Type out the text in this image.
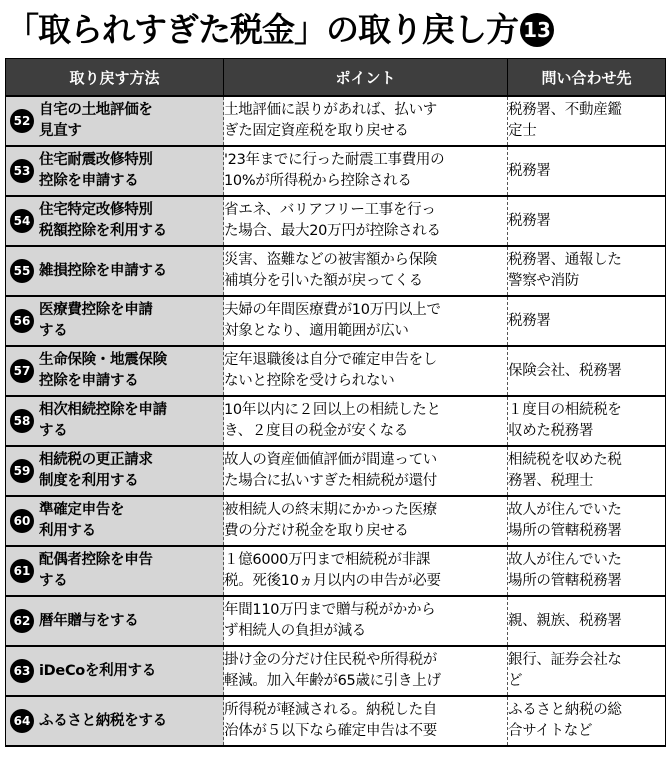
「取られすぎた税金」の取り戻し方 13
取り戻す方法	ポイント	問い合わせ先

52
自宅の土地評価を
見直す	土地評価に誤りがあれば、払いす
ぎた固定資産税を取り戻せる	税務署、不動産鑑
定士

53
住宅耐震改修特別
控除を申請する	'23年までに行った耐震工事費用の
10%が所得税から控除される	税務署

54
住宅特定改修特別
税額控除を利用する	省エネ、バリアフリー工事を行っ
た場合、最大20万円が控除される	税務署

55 雑損控除を申請する	災害、盗難などの被害額から保険
補填分を引いた額が戻ってくる	税務署、通報した
警察や消防

56
医療費控除を申請
する	夫婦の年間医療費が10万円以上で
対象となり、適用範囲が広い	税務署

57
生命保険・地震保険
控除を申請する	定年退職後は自分で確定申告をし
ないと控除を受けられない	保険会社、税務署

58
相次相続控除を申請
する	10年以内に２回以上の相続したと
き、２度目の税金が安くなる	１度目の相続税を
収めた税務署

59
相続税の更正請求
制度を利用する	故人の資産価値評価が間違ってい
た場合に払いすぎた相続税が還付	相続税を収めた税
務署、税理士

60
準確定申告を
利用する	被相続人の終末期にかかった医療
費の分だけ税金を取り戻せる	故人が住んでいた
場所の管轄税務署

61
配偶者控除を申告
する	１億6000万円まで相続税が非課
税。死後10ヵ月以内の申告が必要	故人が住んでいた
場所の管轄税務署

62 暦年贈与をする	年間110万円まで贈与税がかから
ず相続人の負担が減る	親、親族、税務署

63 iDeCoを利用する	掛け金の分だけ住民税や所得税が
軽減。加入年齢が65歳に引き上げ	銀行、証券会社な
ど

64 ふるさと納税をする	所得税が軽減される。納税した自
治体が５以下なら確定申告は不要	ふるさと納税の総
合サイトなど
